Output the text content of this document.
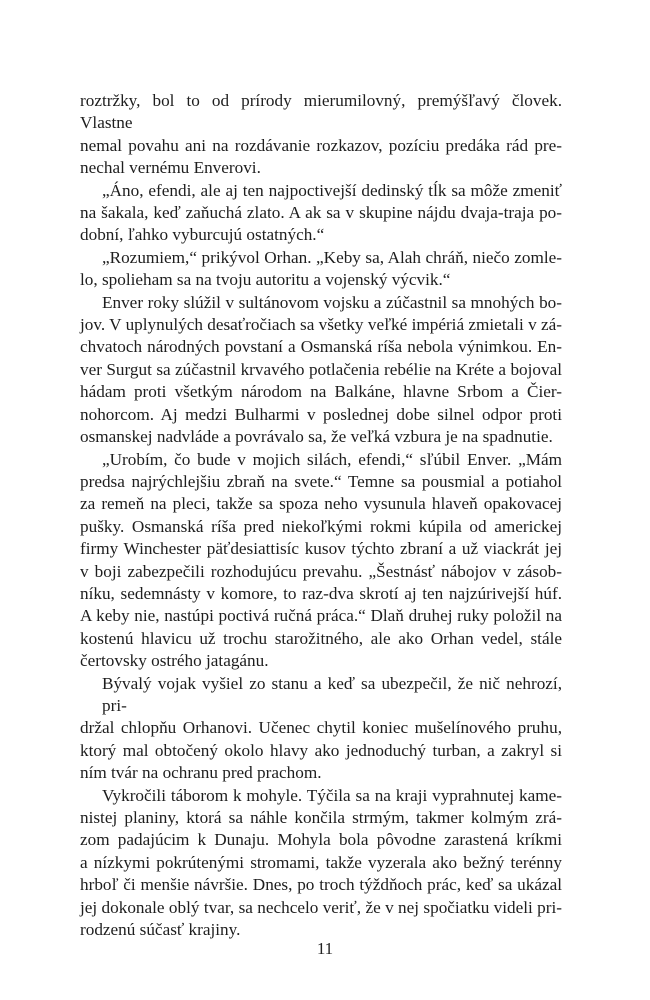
roztržky, bol to od prírody mierumilovný, premýšľavý človek. Vlastne
nemal povahu ani na rozdávanie rozkazov, pozíciu predáka rád pre-
nechal vernému Enverovi.

„Áno, efendi, ale aj ten najpoctivejší dedinský tĺk sa môže zmeniť
na šakala, keď zaňuchá zlato. A ak sa v skupine nájdu dvaja-traja po-
dobní, ľahko vyburcujú ostatných.“

„Rozumiem,“ prikývol Orhan. „Keby sa, Alah chráň, niečo zomle-
lo, spolieham sa na tvoju autoritu a vojenský výcvik.“

Enver roky slúžil v sultánovom vojsku a zúčastnil sa mnohých bo-
jov. V uplynulých desaťročiach sa všetky veľké impériá zmietali v zá-
chvatoch národných povstaní a Osmanská ríša nebola výnimkou. En-
ver Surgut sa zúčastnil krvavého potlačenia rebélie na Kréte a bojoval
hádam proti všetkým národom na Balkáne, hlavne Srbom a Čier-
nohorcom. Aj medzi Bulharmi v poslednej dobe silnel odpor proti
osmanskej nadvláde a povrávalo sa, že veľká vzbura je na spadnutie.

„Urobím, čo bude v mojich silách, efendi,“ sľúbil Enver. „Mám
predsa najrýchlejšiu zbraň na svete.“ Temne sa pousmial a potiahol
za remeň na pleci, takže sa spoza neho vysunula hlaveň opakovacej
pušky. Osmanská ríša pred niekoľkými rokmi kúpila od americkej
firmy Winchester päťdesiattisíc kusov týchto zbraní a už viackrát jej
v boji zabezpečili rozhodujúcu prevahu. „Šestnásť nábojov v zásob-
níku, sedemnásty v komore, to raz-dva skrotí aj ten najzúrivejší húf.
A keby nie, nastúpi poctivá ručná práca.“ Dlaň druhej ruky položil na
kostenú hlavicu už trochu starožitného, ale ako Orhan vedel, stále
čertovsky ostrého jatagánu.

Bývalý vojak vyšiel zo stanu a keď sa ubezpečil, že nič nehrozí, pri-
držal chlopňu Orhanovi. Učenec chytil koniec mušelínového pruhu,
ktorý mal obtočený okolo hlavy ako jednoduchý turban, a zakryl si
ním tvár na ochranu pred prachom.

Vykročili táborom k mohyle. Týčila sa na kraji vyprahnutej kame-
nistej planiny, ktorá sa náhle končila strmým, takmer kolmým zrá-
zom padajúcim k Dunaju. Mohyla bola pôvodne zarastená kríkmi
a nízkymi pokrútenými stromami, takže vyzerala ako bežný terénny
hrboľ či menšie návršie. Dnes, po troch týždňoch prác, keď sa ukázal
jej dokonale oblý tvar, sa nechcelo veriť, že v nej spočiatku videli pri-
rodzenú súčasť krajiny.

11
